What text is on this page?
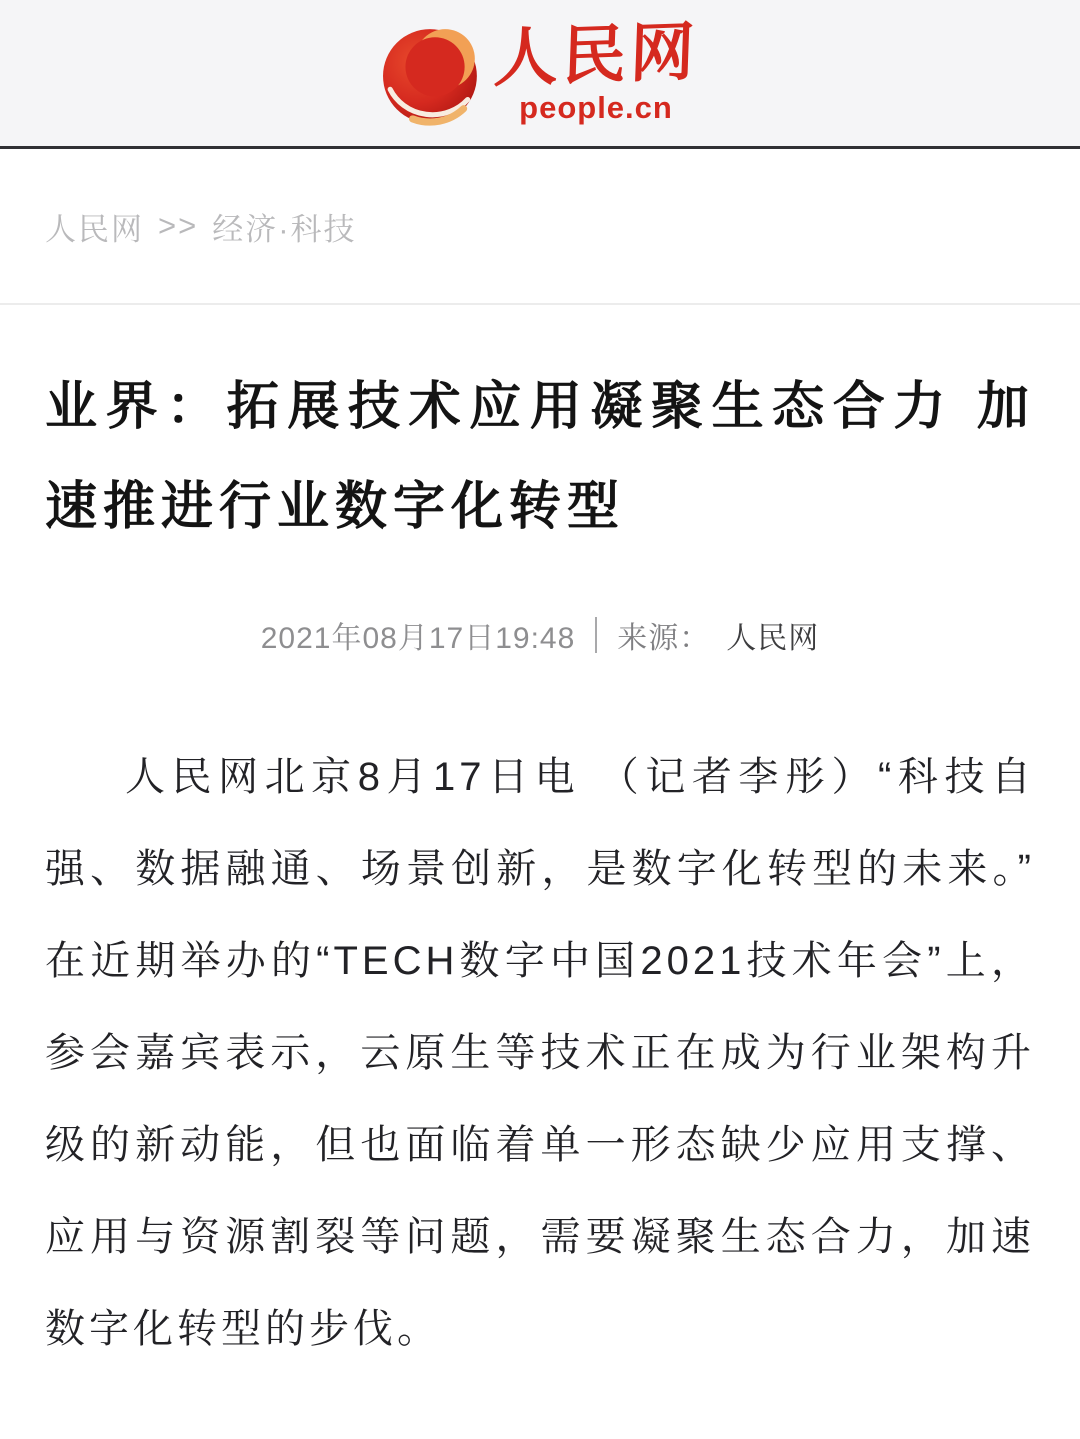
人民网
people.cn
人民网 >> 经济·科技
业界：拓展技术应用凝聚生态合力 加速推进行业数字化转型
2021年08月17日19:48 来源： 人民网

人民网北京8月17日电 （记者李彤）“科技自强、数据融通、场景创新，是数字化转型的未来。”在近期举办的“TECH数字中国2021技术年会”上，参会嘉宾表示，云原生等技术正在成为行业架构升级的新动能，但也面临着单一形态缺少应用支撑、应用与资源割裂等问题，需要凝聚生态合力，加速数字化转型的步伐。
